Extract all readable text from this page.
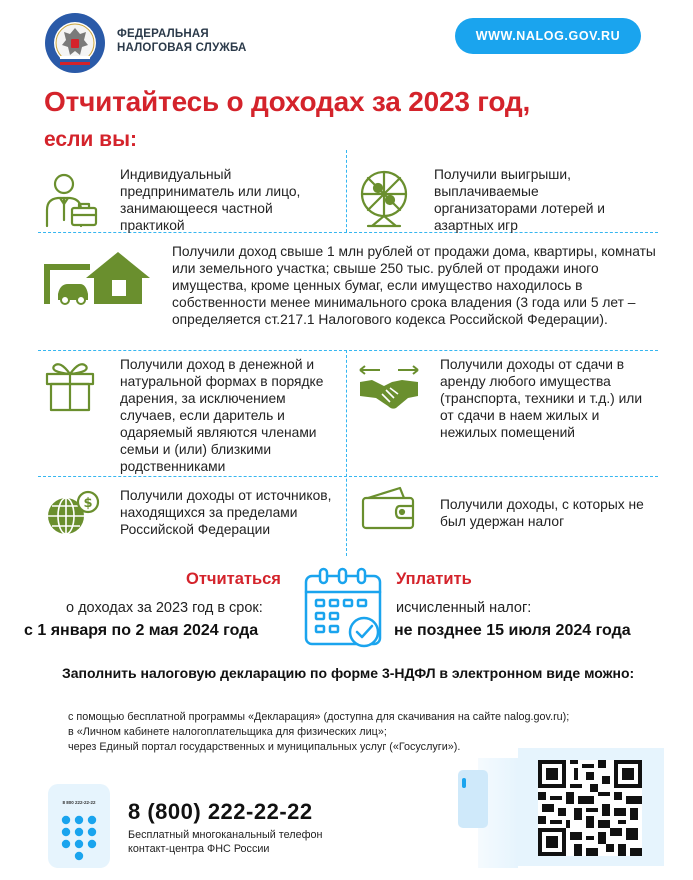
ФЕДЕРАЛЬНАЯ
НАЛОГОВАЯ СЛУЖБА
WWW.NALOG.GOV.RU
Отчитайтесь о доходах за 2023 год,
если вы:
Индивидуальный предприниматель или лицо, занимающееся частной практикой
Получили выигрыши, выплачиваемые организаторами лотерей и азартных игр
Получили доход свыше 1 млн рублей от продажи дома, квартиры, комнаты или земельного участка; свыше 250 тыс. рублей от продажи иного имущества, кроме ценных бумаг, если имущество находилось в собственности менее минимального срока владения (3 года или 5 лет – определяется ст.217.1 Налогового кодекса Российской Федерации).
Получили доход в денежной и натуральной формах в порядке дарения, за исключением случаев, если даритель и одаряемый являются членами семьи и (или) близкими родственниками
Получили доходы от сдачи в аренду любого имущества (транспорта, техники и т.д.) или от сдачи в наем жилых и нежилых помещений
$
Получили доходы от источников, находящихся за пределами Российской Федерации
Получили доходы, с которых не был удержан налог
Отчитаться
о доходах за 2023 год в срок:
с 1 января по 2 мая 2024 года
Уплатить
исчисленный налог:
не позднее 15 июля 2024 года
Заполнить налоговую декларацию по форме 3-НДФЛ в электронном виде можно:
с помощью бесплатной программы «Декларация» (доступна для скачивания на сайте nalog.gov.ru);
в «Личном кабинете налогоплательщика для физических лиц»;
через Единый портал государственных и муниципальных услуг («Госуслуги»).
8 800 222-22-22	8 (800) 222-22-22
Бесплатный многоканальный телефон контакт-центра ФНС России
